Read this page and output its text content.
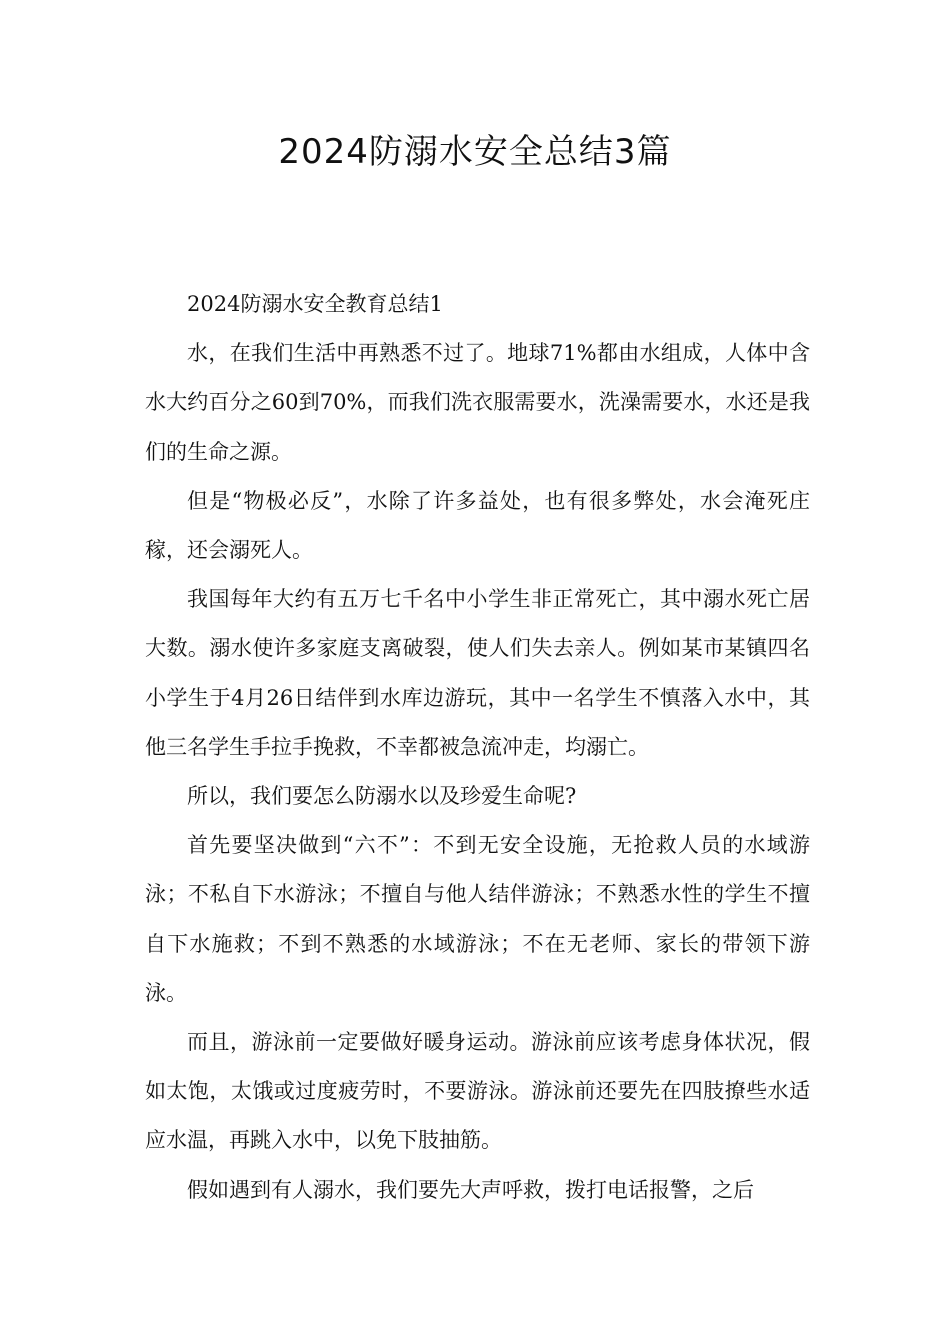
2024防溺水安全总结3篇

2024防溺水安全教育总结1

水，在我们生活中再熟悉不过了。地球71%都由水组成，人体中含水大约百分之60到70%，而我们洗衣服需要水，洗澡需要水，水还是我们的生命之源。

但是“物极必反”，水除了许多益处，也有很多弊处，水会淹死庄稼，还会溺死人。

我国每年大约有五万七千名中小学生非正常死亡，其中溺水死亡居大数。溺水使许多家庭支离破裂，使人们失去亲人。例如某市某镇四名小学生于4月26日结伴到水库边游玩，其中一名学生不慎落入水中，其他三名学生手拉手挽救，不幸都被急流冲走，均溺亡。

所以，我们要怎么防溺水以及珍爱生命呢?

首先要坚决做到“六不”：不到无安全设施，无抢救人员的水域游泳；不私自下水游泳；不擅自与他人结伴游泳；不熟悉水性的学生不擅自下水施救；不到不熟悉的水域游泳；不在无老师、家长的带领下游泳。

而且，游泳前一定要做好暖身运动。游泳前应该考虑身体状况，假如太饱，太饿或过度疲劳时，不要游泳。游泳前还要先在四肢撩些水适应水温，再跳入水中，以免下肢抽筋。

假如遇到有人溺水，我们要先大声呼救，拨打电话报警，之后
